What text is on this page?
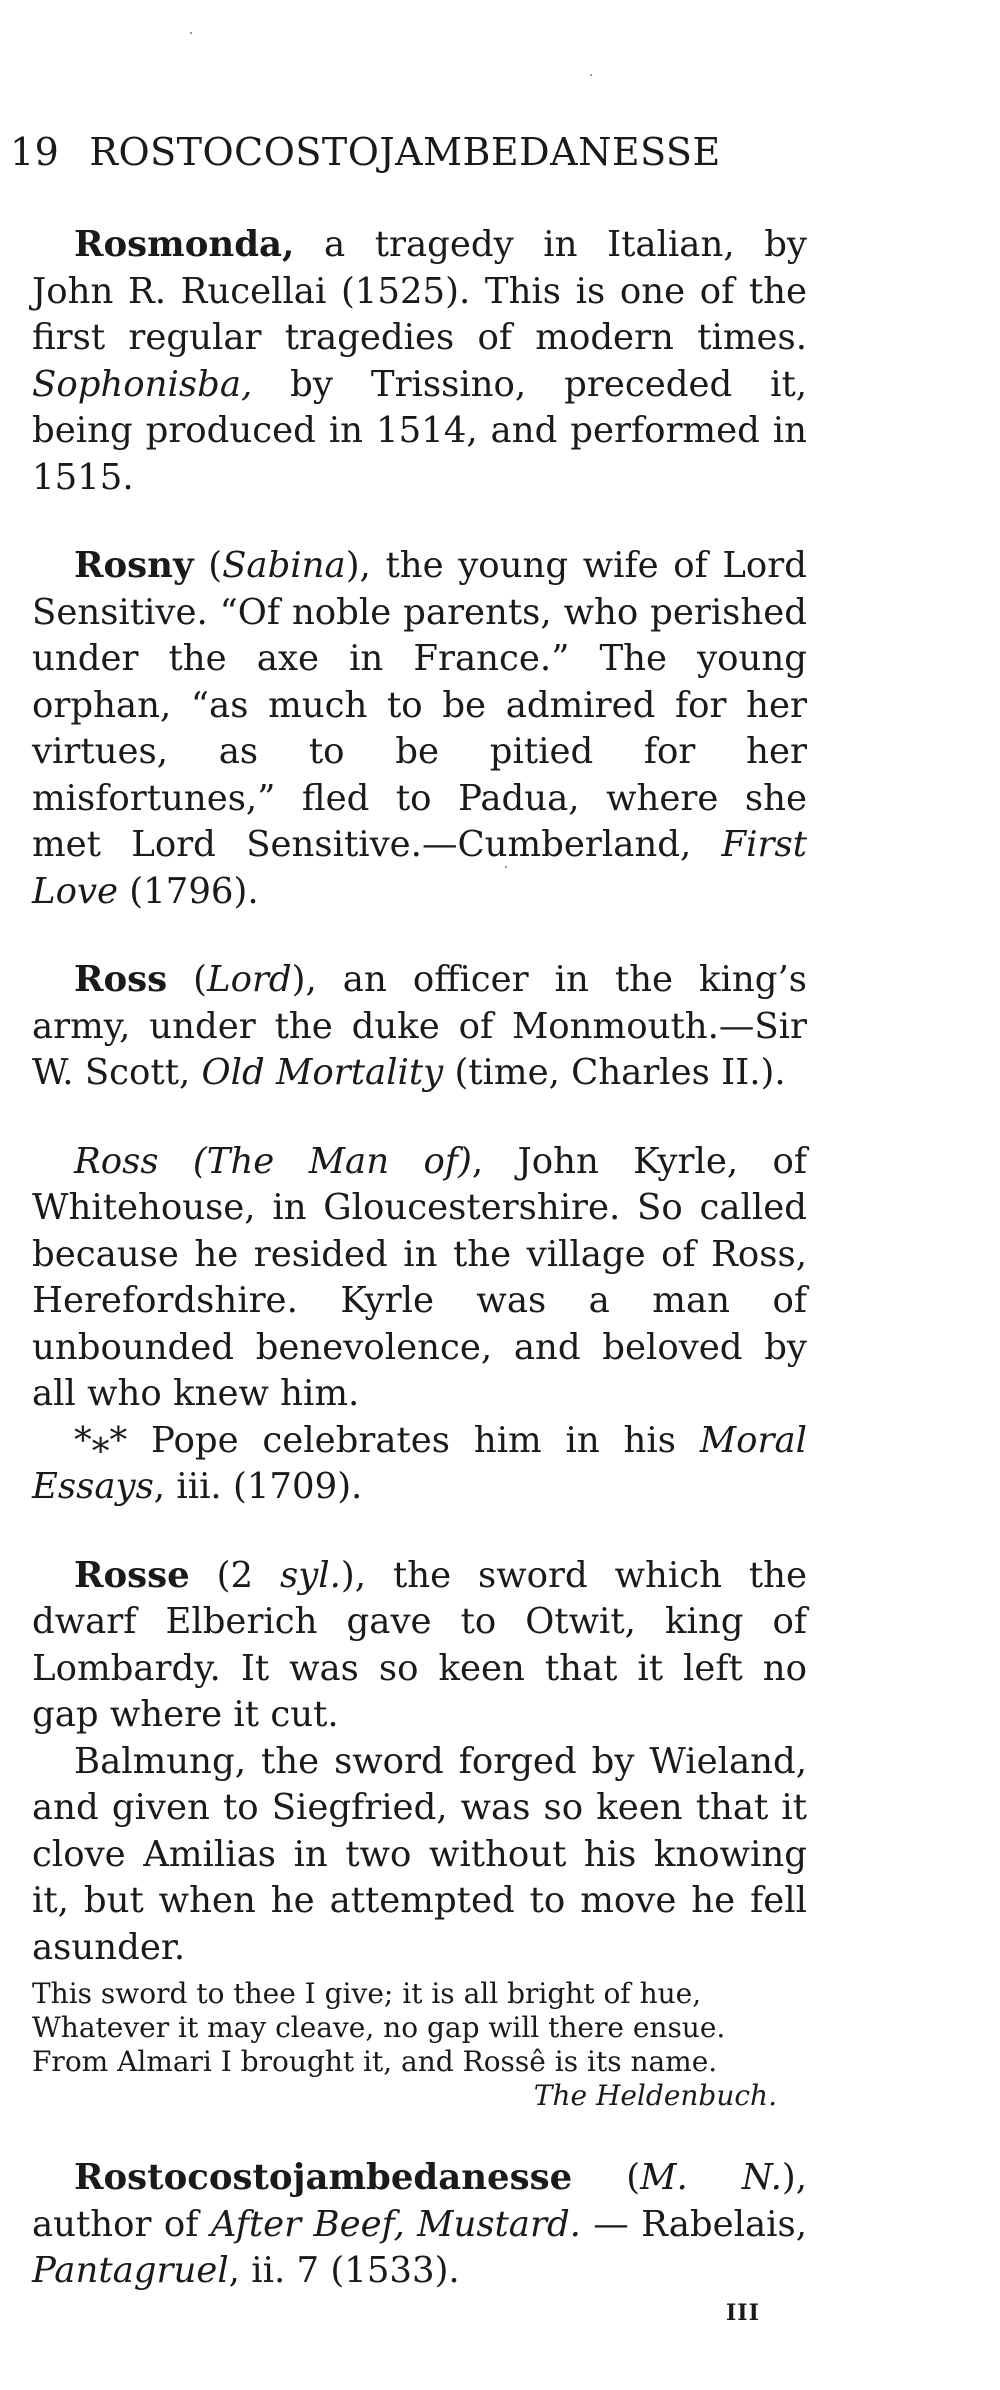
19 ROSTOCOSTOJAMBEDANESSE

Rosmonda, a tragedy in Italian, by John R. Rucellai (1525). This is one of the first regular tragedies of modern times. Sophonisba, by Trissino, preceded it, being produced in 1514, and performed in 1515.

Rosny (Sabina), the young wife of Lord Sensitive. “Of noble parents, who perished under the axe in France.” The young orphan, “as much to be admired for her virtues, as to be pitied for her misfortunes,” fled to Padua, where she met Lord Sensitive.—Cumberland, First Love (1796).

Ross (Lord), an officer in the king’s army, under the duke of Monmouth.—Sir W. Scott, Old Mortality (time, Charles II.).

Ross (The Man of), John Kyrle, of Whitehouse, in Gloucestershire. So called because he resided in the village of Ross, Herefordshire. Kyrle was a man of unbounded benevolence, and beloved by all who knew him.

*⁎* Pope celebrates him in his Moral Essays, iii. (1709).

Rosse (2 syl.), the sword which the dwarf Elberich gave to Otwit, king of Lombardy. It was so keen that it left no gap where it cut.

Balmung, the sword forged by Wieland, and given to Siegfried, was so keen that it clove Amilias in two without his knowing it, but when he attempted to move he fell asunder.

This sword to thee I give; it is all bright of hue,
Whatever it may cleave, no gap will there ensue.
From Almari I brought it, and Rossê is its name.
The Heldenbuch.

Rostocostojambedanesse (M. N.), author of After Beef, Mustard. — Rabelais, Pantagruel, ii. 7 (1533).

III
